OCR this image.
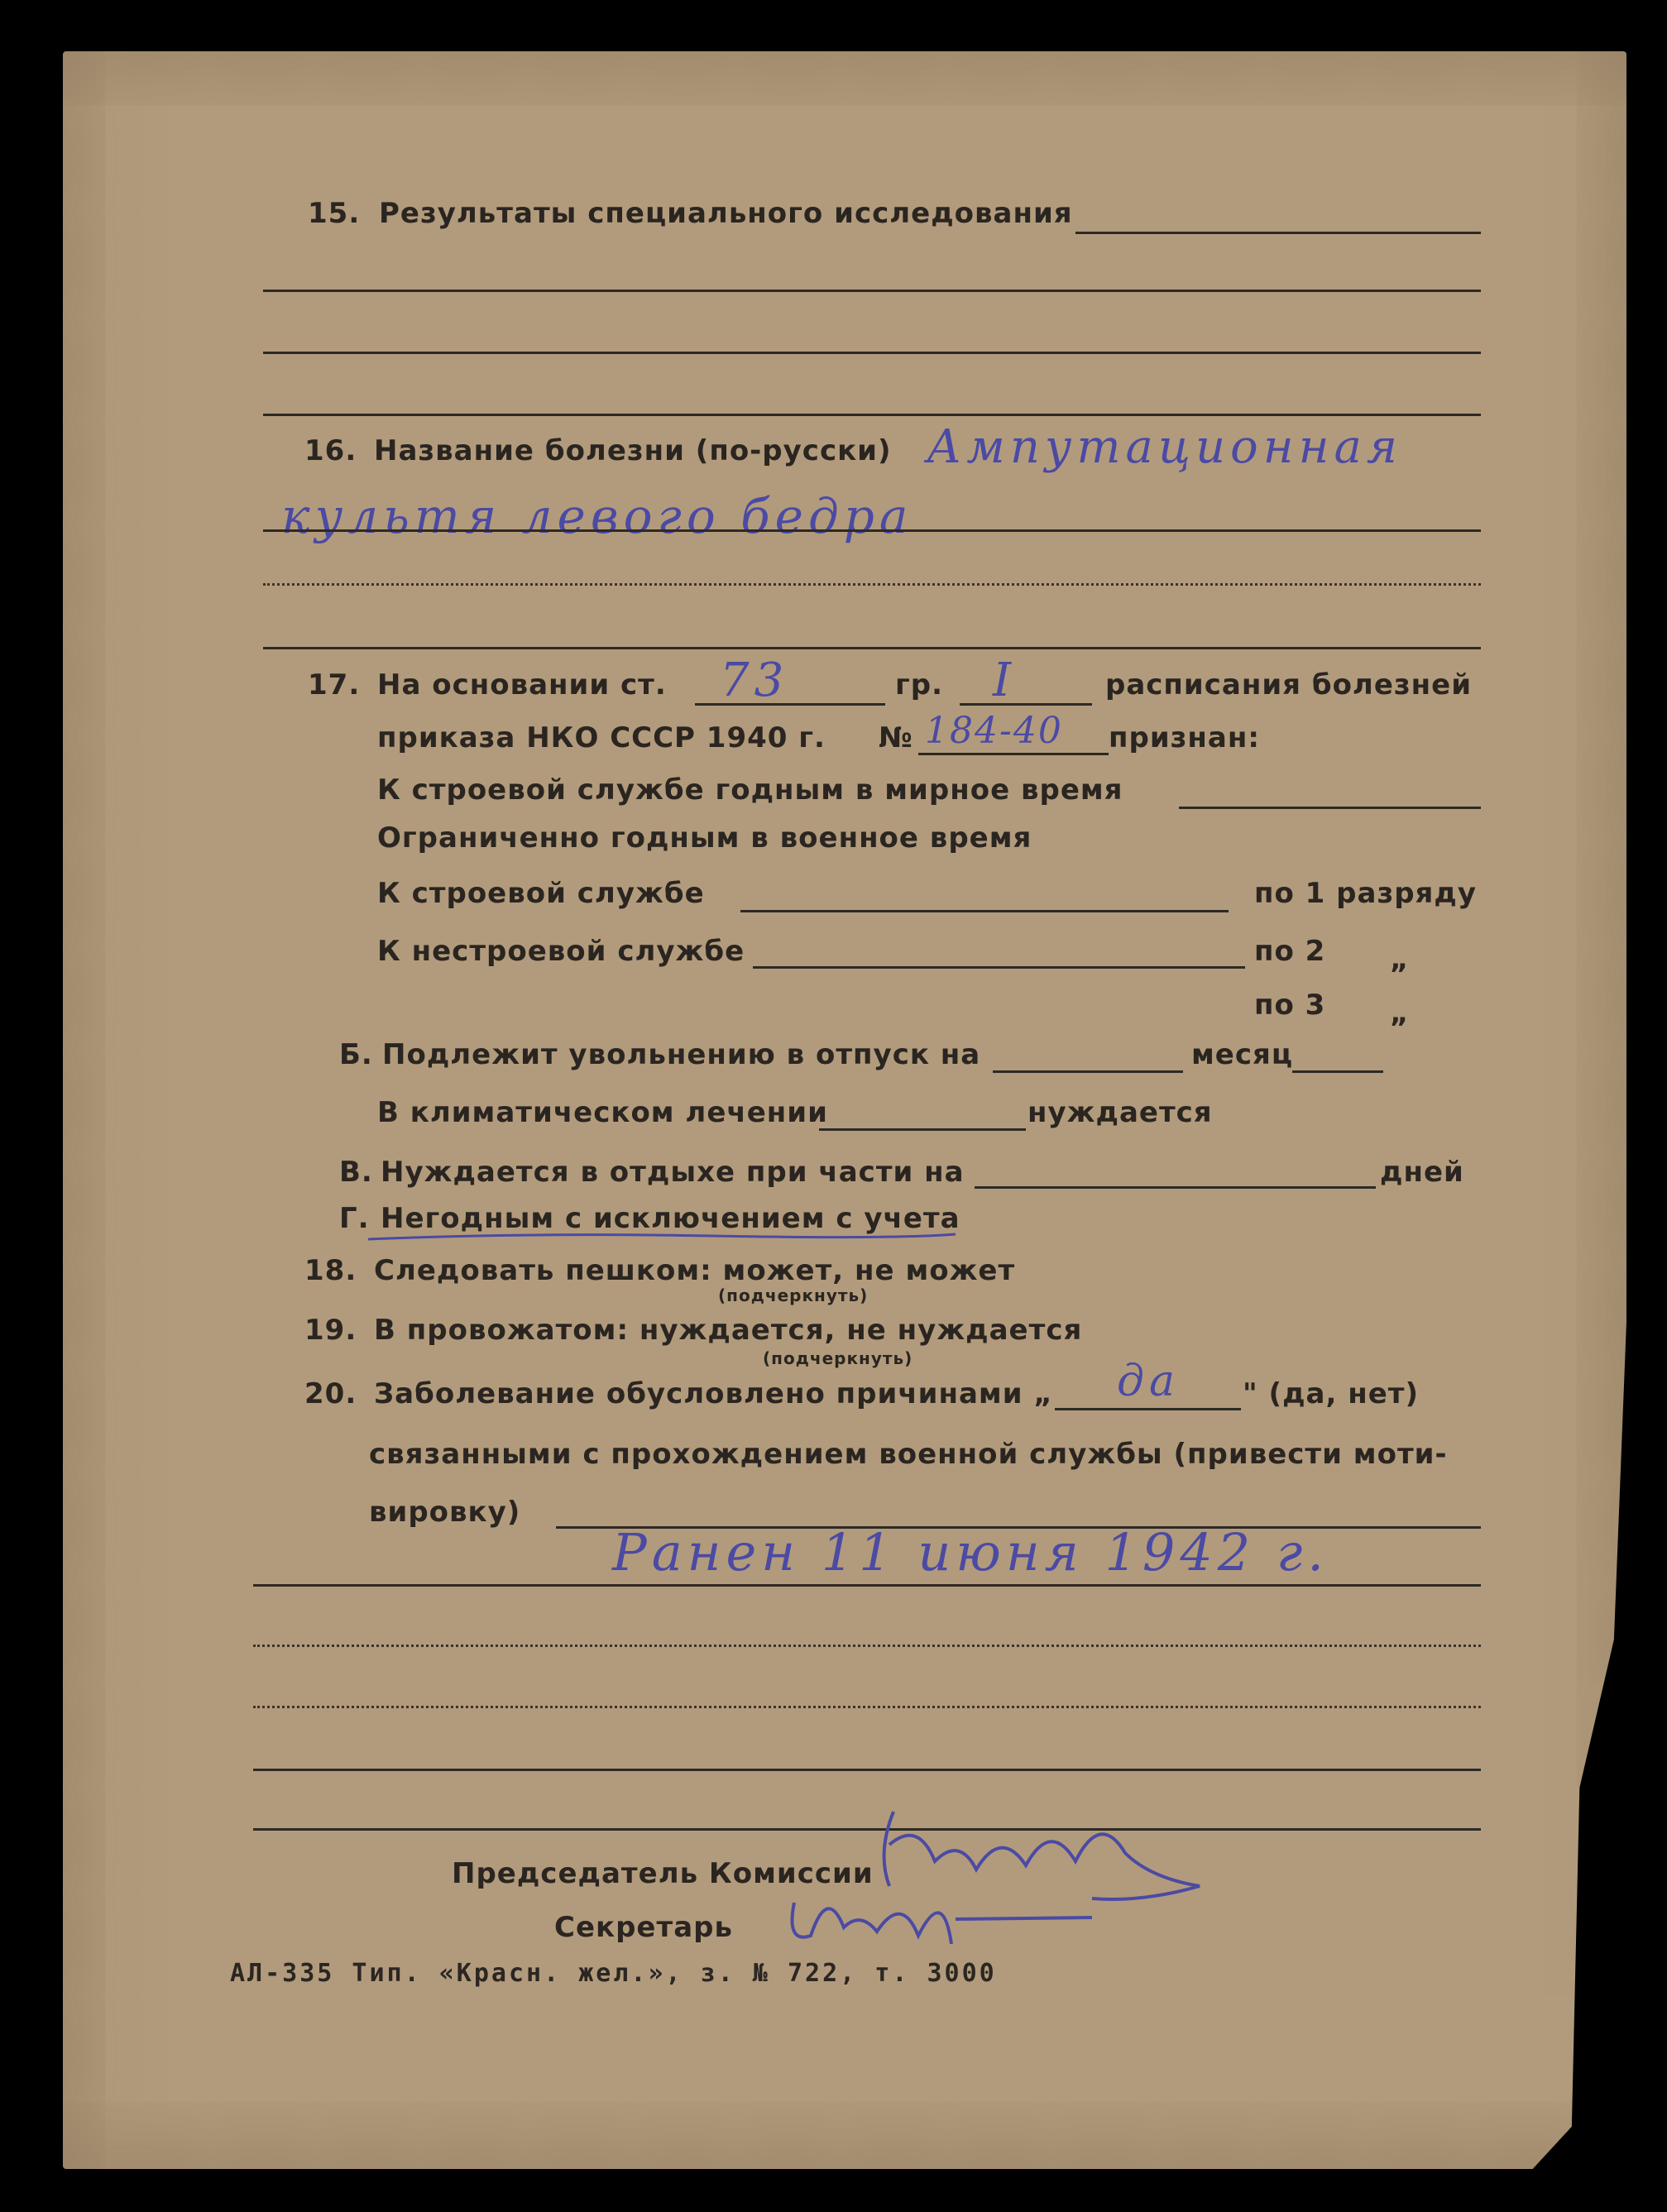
15. Результаты специального исследования
16. Название болезни (по-русски) Ампутационная
культя левого бедра
17. На основании ст. 73	гр. I	расписания болезней
приказа НКО СССР 1940 г. № 184-40 признан:
К строевой службе годным в мирное время
Ограниченно годным в военное время
К строевой службе	по 1 разряду
К нестроевой службе	по 2 „
по 3 „
Б. Подлежит увольнению в отпуск на	месяц
В климатическом лечении	нуждается
В. Нуждается в отдыхе при части на	дней
Г. Негодным с исключением с учета
18. Следовать пешком: может, не может
(подчеркнуть)
19. В провожатом: нуждается, не нуждается
(подчеркнуть)
20. Заболевание обусловлено причинами „ да " (да, нет)
связанными с прохождением военной службы (привести моти-
вировку)
Ранен 11 июня 1942 г.
Председатель Комиссии
Секретарь
АЛ-335 Тип. «Красн. жел.», з. № 722, т. 3000
